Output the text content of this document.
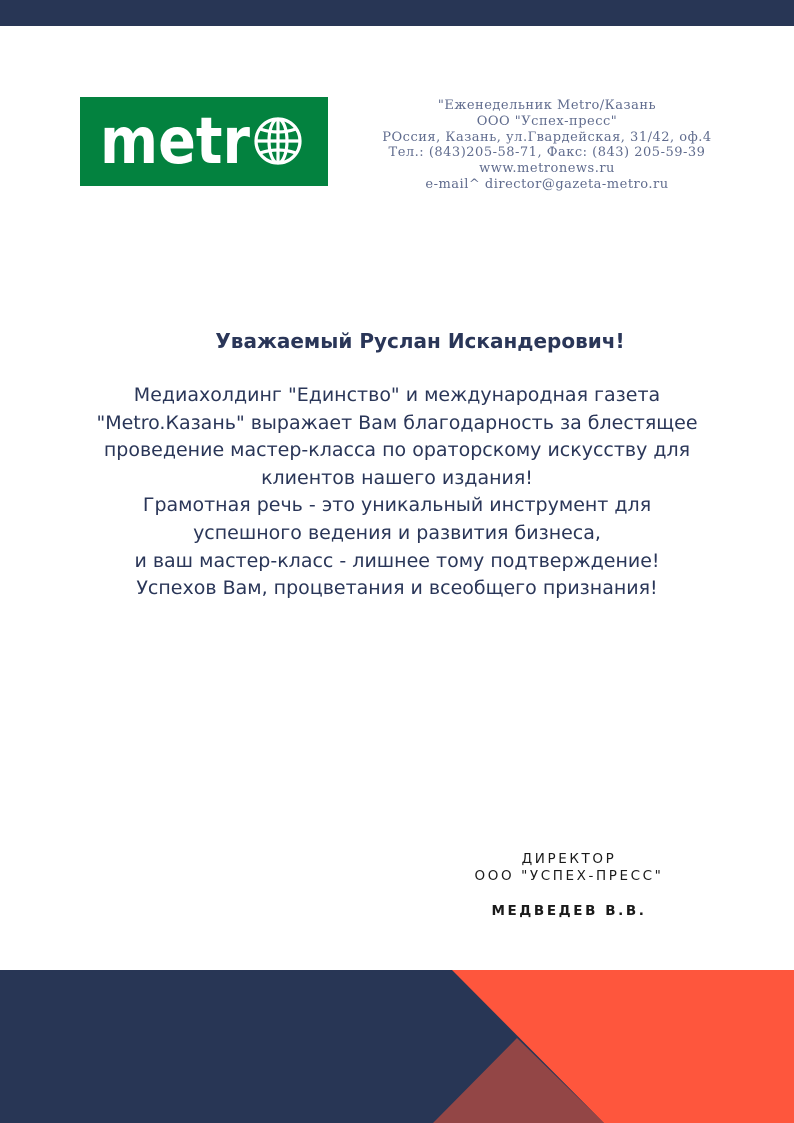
metr	"Еженедельник Metro/Казань
ООО "Успех-пресс"
РОссия, Казань, ул.Гвардейская, 31/42, оф.4
Тел.: (843)205-58-71, Факс: (843) 205-59-39
www.metronews.ru
e-mail^ director@gazeta-metro.ru
Уважаемый Руслан Искандерович!
Медиахолдинг "Единство" и международная газета
"Metro.Казань" выражает Вам благодарность за блестящее
проведение мастер-класса по ораторскому искусству для
клиентов нашего издания!
Грамотная речь - это уникальный инструмент для
успешного ведения и развития бизнеса,
и ваш мастер-класс - лишнее тому подтверждение!
Успехов Вам, процветания и всеобщего признания!
ДИРЕКТОР
ООО "УСПЕХ-ПРЕСС"
МЕДВЕДЕВ В.В.
